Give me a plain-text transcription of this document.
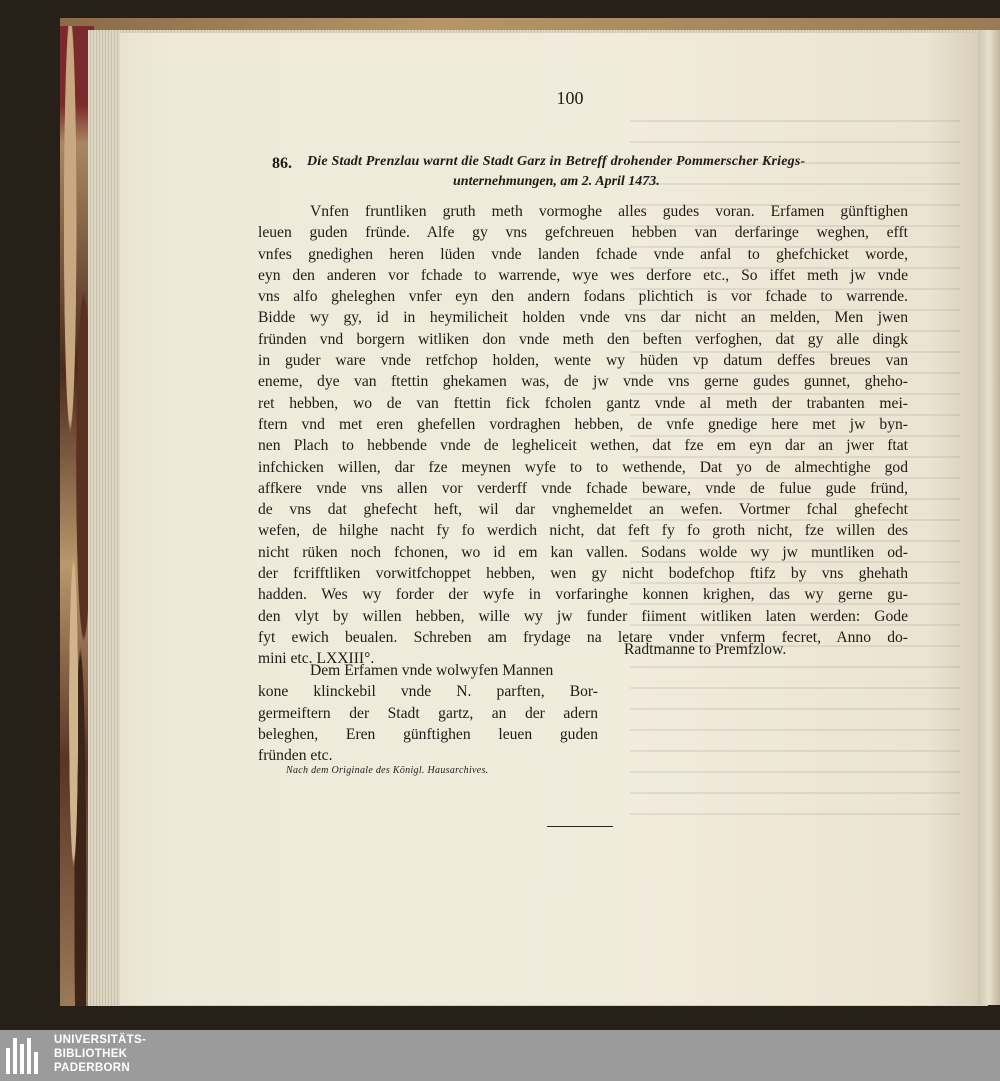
100
86. Die Stadt Prenzlau warnt die Stadt Garz in Betreff drohender Pommerscher Kriegs-
unternehmungen, am 2. April 1473.
Vnfen fruntliken gruth meth vormoghe alles gudes voran. Erfamen günftighen
leuen guden fründe. Alfe gy vns gefchreuen hebben van derfaringe weghen, efft
vnfes gnedighen heren lüden vnde landen fchade vnde anfal to ghefchicket worde,
eyn den anderen vor fchade to warrende, wye wes derfore etc., So iffet meth jw vnde
vns alfo gheleghen vnfer eyn den andern fodans plichtich is vor fchade to warrende.
Bidde wy gy, id in heymilicheit holden vnde vns dar nicht an melden, Men jwen
fründen vnd borgern witliken don vnde meth den beften verfoghen, dat gy alle dingk
in guder ware vnde retfchop holden, wente wy hüden vp datum deffes breues van
eneme, dye van ftettin ghekamen was, de jw vnde vns gerne gudes gunnet, gheho-
ret hebben, wo de van ftettin fick fcholen gantz vnde al meth der trabanten mei-
ftern vnd met eren ghefellen vordraghen hebben, de vnfe gnedige here met jw byn-
nen Plach to hebbende vnde de legheliceit wethen, dat fze em eyn dar an jwer ftat
infchicken willen, dar fze meynen wyfe to to wethende, Dat yo de almechtighe god
affkere vnde vns allen vor verderff vnde fchade beware, vnde de fulue gude fründ,
de vns dat ghefecht heft, wil dar vnghemeldet an wefen. Vortmer fchal ghefecht
wefen, de hilghe nacht fy fo werdich nicht, dat feft fy fo groth nicht, fze willen des
nicht rüken noch fchonen, wo id em kan vallen. Sodans wolde wy jw muntliken od-
der fcrifftliken vorwitfchoppet hebben, wen gy nicht bodefchop ftifz by vns ghehath
hadden. Wes wy forder der wyfe in vorfaringhe konnen krighen, das wy gerne gu-
den vlyt by willen hebben, wille wy jw funder fiiment witliken laten werden: Gode
fyt ewich beualen. Schreben am frydage na letare vnder vnferm fecret, Anno do-
mini etc. LXXIII°.
Radtmanne to Premfzlow.
Dem Erfamen vnde wolwyfen Mannen
kone klinckebil vnde N. parften, Bor-
germeiftern der Stadt gartz, an der adern
beleghen, Eren günftighen leuen guden
fründen etc.
Nach dem Originale des Königl. Hausarchives.
UNIVERSITÄTS-
BIBLIOTHEK
PADERBORN
